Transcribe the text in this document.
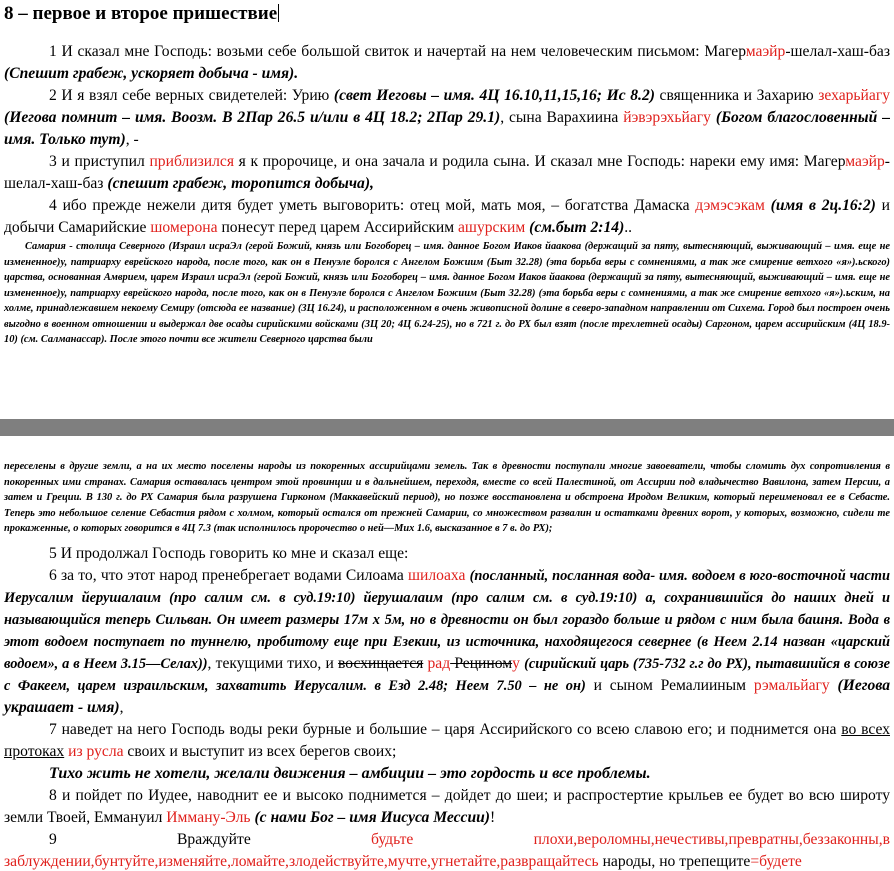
8 – первое и второе пришествие

1 И сказал мне Господь: возьми себе большой свиток и начертай на нем человеческим письмом: Магермаэйр-шелал-хаш-баз (Спешит грабеж, ускоряет добыча - имя).

2 И я взял себе верных свидетелей: Урию (свет Иеговы – имя. 4Ц 16.10,11,15,16; Ис 8.2) священника и Захарию зехарьйагу (Иегова помнит – имя. Воозм. В 2Пар 26.5 и/или в 4Ц 18.2; 2Пар 29.1), сына Варахиина йэвэрэхьйагу (Богом благословенный – имя. Только тут), -

3 и приступил приблизился я к пророчице, и она зачала и родила сына. И сказал мне Господь: нареки ему имя: Магермаэйр-шелал-хаш-баз (спешит грабеж, торопится добыча),

4 ибо прежде нежели дитя будет уметь выговорить: отец мой, мать моя, – богатства Дамаска дэмэсэкам (имя в 2ц.16:2) и добычи Самарийские шомерона понесут перед царем Ассирийским ашурским (см.быт 2:14)..

Самария - столица Северного (Израил исраЭл (герой Божий, князь или Богоборец – имя. данное Богом Иаков йаакова (держащий за пяту, вытесняющий, выживающий – имя. еще не измененное)у, патриарху еврейского народа, после того, как он в Пенуэле боролся с Ангелом Божиим (Быт 32.28) (эта борьба веры с сомнениями, а так же смирение ветхого «я»).ьского) царства, основанная Амврием, царем Израил исраЭл (герой Божий, князь или Богоборец – имя. данное Богом Иаков йаакова (держащий за пяту, вытесняющий, выживающий – имя. еще не измененное)у, патриарху еврейского народа, после того, как он в Пенуэле боролся с Ангелом Божиим (Быт 32.28) (эта борьба веры с сомнениями, а так же смирение ветхого «я»).ьским, на холме, принадлежавшем некоему Семиру (отсюда ее название) (3Ц 16.24), и расположенном в очень живописной долине в северо-западном направлении от Сихема. Город был построен очень выгодно в военном отношении и выдержал две осады сирийскими войсками (3Ц 20; 4Ц 6.24-25), но в 721 г. до РХ был взят (после трехлетней осады) Саргоном, царем ассирийским (4Ц 18.9-10) (см. Салманассар). После этого почти все жители Северного царства были

переселены в другие земли, а на их место поселены народы из покоренных ассирийцами земель. Так в древности поступали многие завоеватели, чтобы сломить дух сопротивления в покоренных ими странах. Самария оставалась центром этой провинции и в дальнейшем, переходя, вместе со всей Палестиной, от Ассирии под владычество Вавилона, затем Персии, а затем и Греции. В 130 г. до РХ Самария была разрушена Гирконом (Маккавейский период), но позже восстановлена и обстроена Иродом Великим, который переименовал ее в Себасте. Теперь это небольшое селение Себастия рядом с холмом, который остался от прежней Самарии, со множеством развалин и остатками древних ворот, у которых, возможно, сидели те прокаженные, о которых говорится в 4Ц 7.3 (так исполнилось пророчество о ней—Мих 1.6, высказанное в 7 в. до РХ);

5 И продолжал Господь говорить ко мне и сказал еще:

6 за то, что этот народ пренебрегает водами Силоама шилоаха (посланный, посланная вода- имя. водоем в юго-восточной части Иерусалим йерушалаим (про салим см. в суд.19:10) йерушалаим (про салим см. в суд.19:10) а, сохранившийся до наших дней и называющийся теперь Сильван. Он имеет размеры 17м х 5м, но в древности он был гораздо больше и рядом с ним была башня. Вода в этот водоем поступает по туннелю, пробитому еще при Езекии, из источника, находящегося севернее (в Неем 2.14 назван «царский водоем», а в Неем 3.15—Селах)), текущими тихо, и восхищается рад Рециному (сирийский царь (735-732 г.г до РХ), пытавшийся в союзе с Факеем, царем израильским, захватить Иерусалим. в Езд 2.48; Неем 7.50 – не он) и сыном Ремалииным рэмальйагу (Иегова украшает - имя),

7 наведет на него Господь воды реки бурные и большие – царя Ассирийского со всею славою его; и поднимется она во всех протоках из русла своих и выступит из всех берегов своих;

Тихо жить не хотели, желали движения – амбиции – это гордость и все проблемы.

8 и пойдет по Иудее, наводнит ее и высоко поднимется – дойдет до шеи; и распростертие крыльев ее будет во всю широту земли Твоей, Еммануил Иммaну-Эль (с нами Бог – имя Иисуса Мессии)!

9 Враждуйте будьте плохи,вероломны,нечестивы,превратны,беззаконны,в заблуждении,бунтуйте,изменяйте,ломайте,злодействуйте,мучте,угнетайте,развращайтесь народы, но трепещите=будете
